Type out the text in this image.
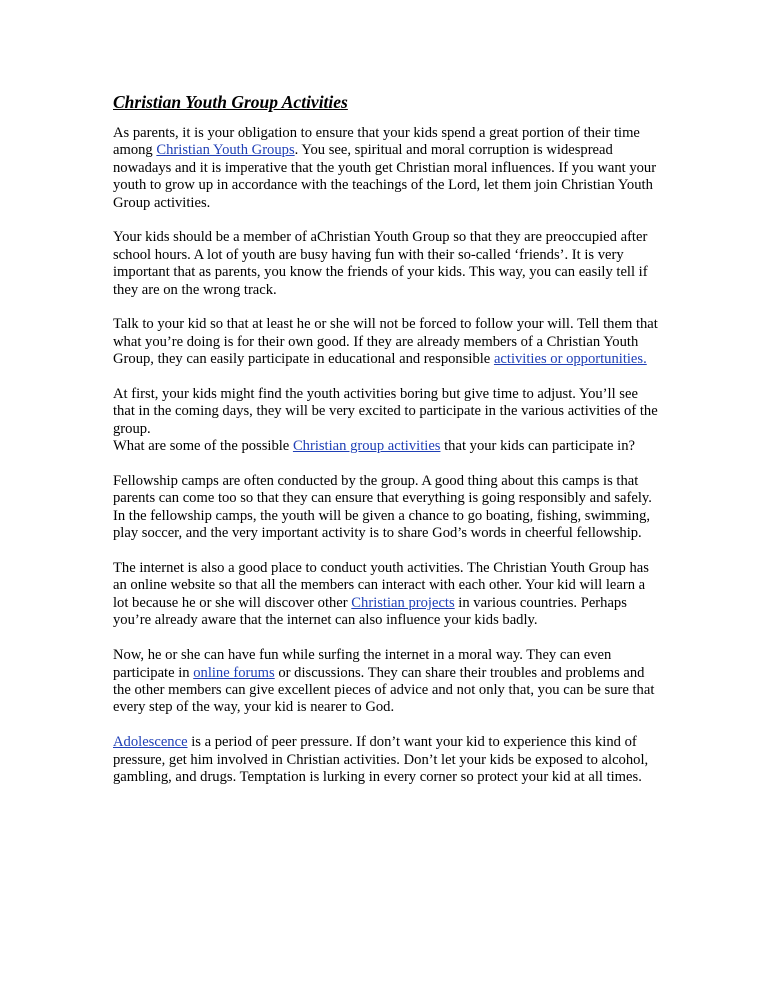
Christian Youth Group Activities

As parents, it is your obligation to ensure that your kids spend a great portion of their time among Christian Youth Groups. You see, spiritual and moral corruption is widespread nowadays and it is imperative that the youth get Christian moral influences. If you want your youth to grow up in accordance with the teachings of the Lord, let them join Christian Youth Group activities.

Your kids should be a member of aChristian Youth Group so that they are preoccupied after school hours. A lot of youth are busy having fun with their so-called ‘friends’. It is very important that as parents, you know the friends of your kids. This way, you can easily tell if they are on the wrong track.

Talk to your kid so that at least he or she will not be forced to follow your will. Tell them that what you’re doing is for their own good. If they are already members of a Christian Youth Group, they can easily participate in educational and responsible activities or opportunities.

At first, your kids might find the youth activities boring but give time to adjust. You’ll see that in the coming days, they will be very excited to participate in the various activities of the group.

What are some of the possible Christian group activities that your kids can participate in?

Fellowship camps are often conducted by the group. A good thing about this camps is that parents can come too so that they can ensure that everything is going responsibly and safely. In the fellowship camps, the youth will be given a chance to go boating, fishing, swimming, play soccer, and the very important activity is to share God’s words in cheerful fellowship.

The internet is also a good place to conduct youth activities. The Christian Youth Group has an online website so that all the members can interact with each other. Your kid will learn a lot because he or she will discover other Christian projects in various countries. Perhaps you’re already aware that the internet can also influence your kids badly.

Now, he or she can have fun while surfing the internet in a moral way. They can even participate in online forums or discussions. They can share their troubles and problems and the other members can give excellent pieces of advice and not only that, you can be sure that every step of the way, your kid is nearer to God.

Adolescence is a period of peer pressure. If don’t want your kid to experience this kind of pressure, get him involved in Christian activities. Don’t let your kids be exposed to alcohol, gambling, and drugs. Temptation is lurking in every corner so protect your kid at all times.
